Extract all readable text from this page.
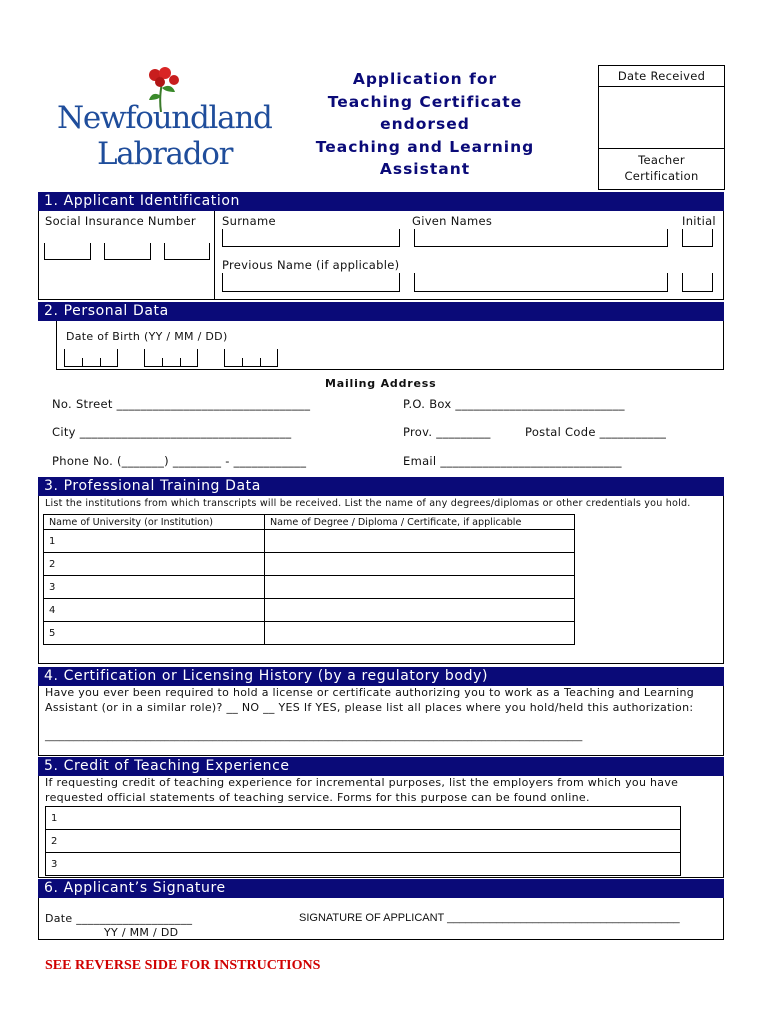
Newfoundland
Labrador
Application for
Teaching Certificate
endorsed
Teaching and Learning
Assistant
Date Received
Teacher
Certification
1. Applicant Identification
Social Insurance Number Surname	Given Names	Initial
Previous Name (if applicable)
2. Personal Data
Date of Birth (YY / MM / DD)
Mailing Address
No. Street ________________________________	P.O. Box ____________________________
City ___________________________________	Prov. _________	Postal Code ___________
Phone No. (_______) ________ - ____________	Email ______________________________
3. Professional Training Data
List the institutions from which transcripts will be received. List the name of any degrees/diplomas or other credentials you hold.
Name of University (or Institution)	Name of Degree / Diploma / Certificate, if applicable
1	
2	
3	
4	
5	
4. Certification or Licensing History (by a regulatory body)
Have you ever been required to hold a license or certificate authorizing you to work as a Teaching and Learning
Assistant (or in a similar role)? __ NO __ YES If YES, please list all places where you hold/held this authorization:
________________________________________________________________________________________________________________
5. Credit of Teaching Experience
If requesting credit of teaching experience for incremental purposes, list the employers from which you have
requested official statements of teaching service. Forms for this purpose can be found online.
1
2
3
6. Applicant’s Signature
Date ____________________
YY / MM / DD
SIGNATURE OF APPLICANT ______________________________________
SEE REVERSE SIDE FOR INSTRUCTIONS
